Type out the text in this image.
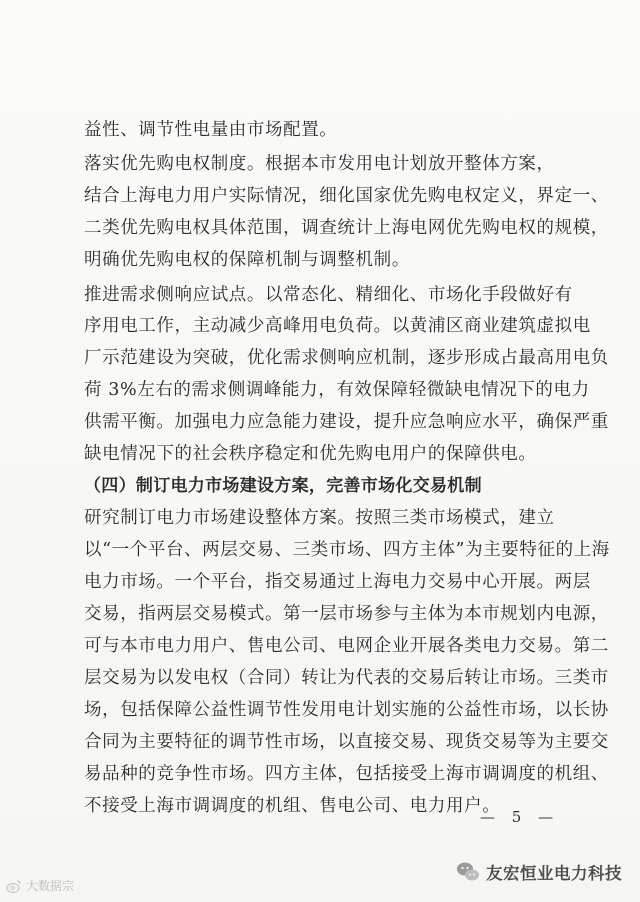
益性、调节性电量由市场配置。
落实优先购电权制度。根据本市发用电计划放开整体方案，
结合上海电力用户实际情况，细化国家优先购电权定义，界定一、
二类优先购电权具体范围，调查统计上海电网优先购电权的规模，
明确优先购电权的保障机制与调整机制。
推进需求侧响应试点。以常态化、精细化、市场化手段做好有
序用电工作，主动减少高峰用电负荷。以黄浦区商业建筑虚拟电
厂示范建设为突破，优化需求侧响应机制，逐步形成占最高用电负
荷 3%左右的需求侧调峰能力，有效保障轻微缺电情况下的电力
供需平衡。加强电力应急能力建设，提升应急响应水平，确保严重
缺电情况下的社会秩序稳定和优先购电用户的保障供电。
（四）制订电力市场建设方案，完善市场化交易机制
研究制订电力市场建设整体方案。按照三类市场模式，建立
以“一个平台、两层交易、三类市场、四方主体”为主要特征的上海
电力市场。一个平台，指交易通过上海电力交易中心开展。两层
交易，指两层交易模式。第一层市场参与主体为本市规划内电源，
可与本市电力用户、售电公司、电网企业开展各类电力交易。第二
层交易为以发电权（合同）转让为代表的交易后转让市场。三类市
场，包括保障公益性调节性发用电计划实施的公益性市场，以长协
合同为主要特征的调节性市场，以直接交易、现货交易等为主要交
易品种的竞争性市场。四方主体，包括接受上海市调调度的机组、
不接受上海市调调度的机组、售电公司、电力用户。
— 5 —
大数据宗
友宏恒业电力科技
